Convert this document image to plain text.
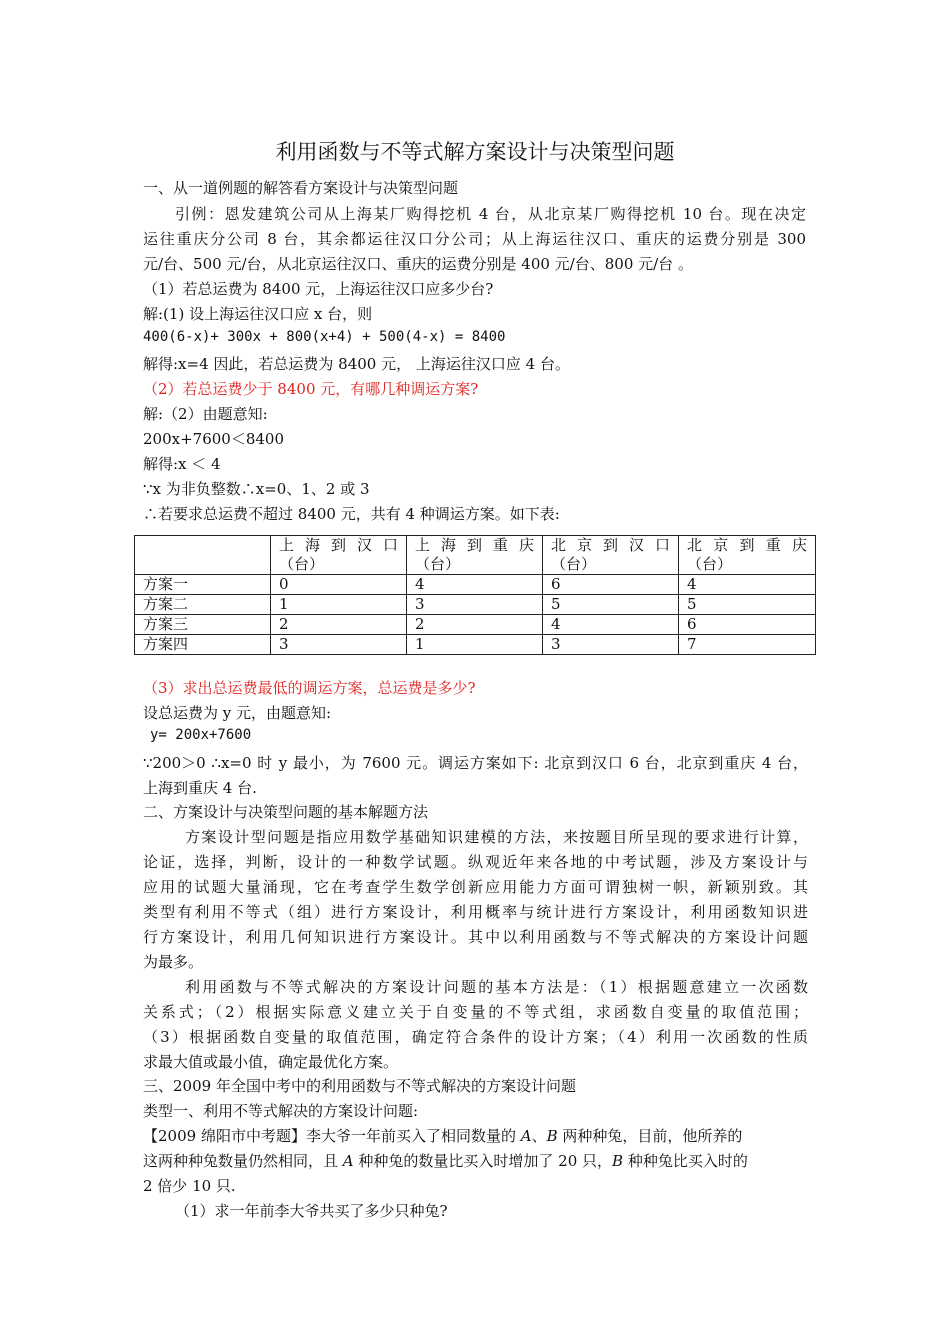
利用函数与不等式解方案设计与决策型问题
一、从一道例题的解答看方案设计与决策型问题
引例：恩发建筑公司从上海某厂购得挖机 4 台，从北京某厂购得挖机 10 台。现在决定
运往重庆分公司 8 台，其余都运往汉口分公司；从上海运往汉口、重庆的运费分别是 300
元/台、500 元/台，从北京运往汉口、重庆的运费分别是 400 元/台、800 元/台 。
（1）若总运费为 8400 元，上海运往汉口应多少台?
解:(1) 设上海运往汉口应 x 台，则
400(6-x)+ 300x + 800(x+4) + 500(4-x) = 8400
解得:x=4 因此，若总运费为 8400 元， 上海运往汉口应 4 台。
（2）若总运费少于 8400 元，有哪几种调运方案?
解:（2）由题意知:
200x+7600＜8400
解得:x ＜ 4
∵x 为非负整数∴x=0、1、2 或 3
∴若要求总运费不超过 8400 元，共有 4 种调运方案。如下表:

	上海到汉口
（台）	上海到重庆
（台）	北京到汉口
（台）	北京到重庆
（台）

方案一	0	4	6	4
方案二	1	3	5	5
方案三	2	2	4	6
方案四	3	1	3	7
（3）求出总运费最低的调运方案，总运费是多少?
设总运费为 y 元，由题意知:
y= 200x+7600
∵200＞0 ∴x=0 时 y 最小，为 7600 元。调运方案如下: 北京到汉口 6 台，北京到重庆 4 台，
上海到重庆 4 台.
二、方案设计与决策型问题的基本解题方法
方案设计型问题是指应用数学基础知识建模的方法，来按题目所呈现的要求进行计算，
论证，选择，判断，设计的一种数学试题。纵观近年来各地的中考试题，涉及方案设计与
应用的试题大量涌现，它在考查学生数学创新应用能力方面可谓独树一帜，新颖别致。其
类型有利用不等式（组）进行方案设计，利用概率与统计进行方案设计，利用函数知识进
行方案设计，利用几何知识进行方案设计。其中以利用函数与不等式解决的方案设计问题
为最多。
利用函数与不等式解决的方案设计问题的基本方法是：（1）根据题意建立一次函数
关系式；（2）根据实际意义建立关于自变量的不等式组，求函数自变量的取值范围；
（3）根据函数自变量的取值范围，确定符合条件的设计方案；（4）利用一次函数的性质
求最大值或最小值，确定最优化方案。
三、2009 年全国中考中的利用函数与不等式解决的方案设计问题
类型一、利用不等式解决的方案设计问题:
【2009 绵阳市中考题】李大爷一年前买入了相同数量的 A、B 两种种兔，目前，他所养的
这两种种兔数量仍然相同，且 A 种种兔的数量比买入时增加了 20 只，B 种种兔比买入时的
2 倍少 10 只.
（1）求一年前李大爷共买了多少只种兔?
